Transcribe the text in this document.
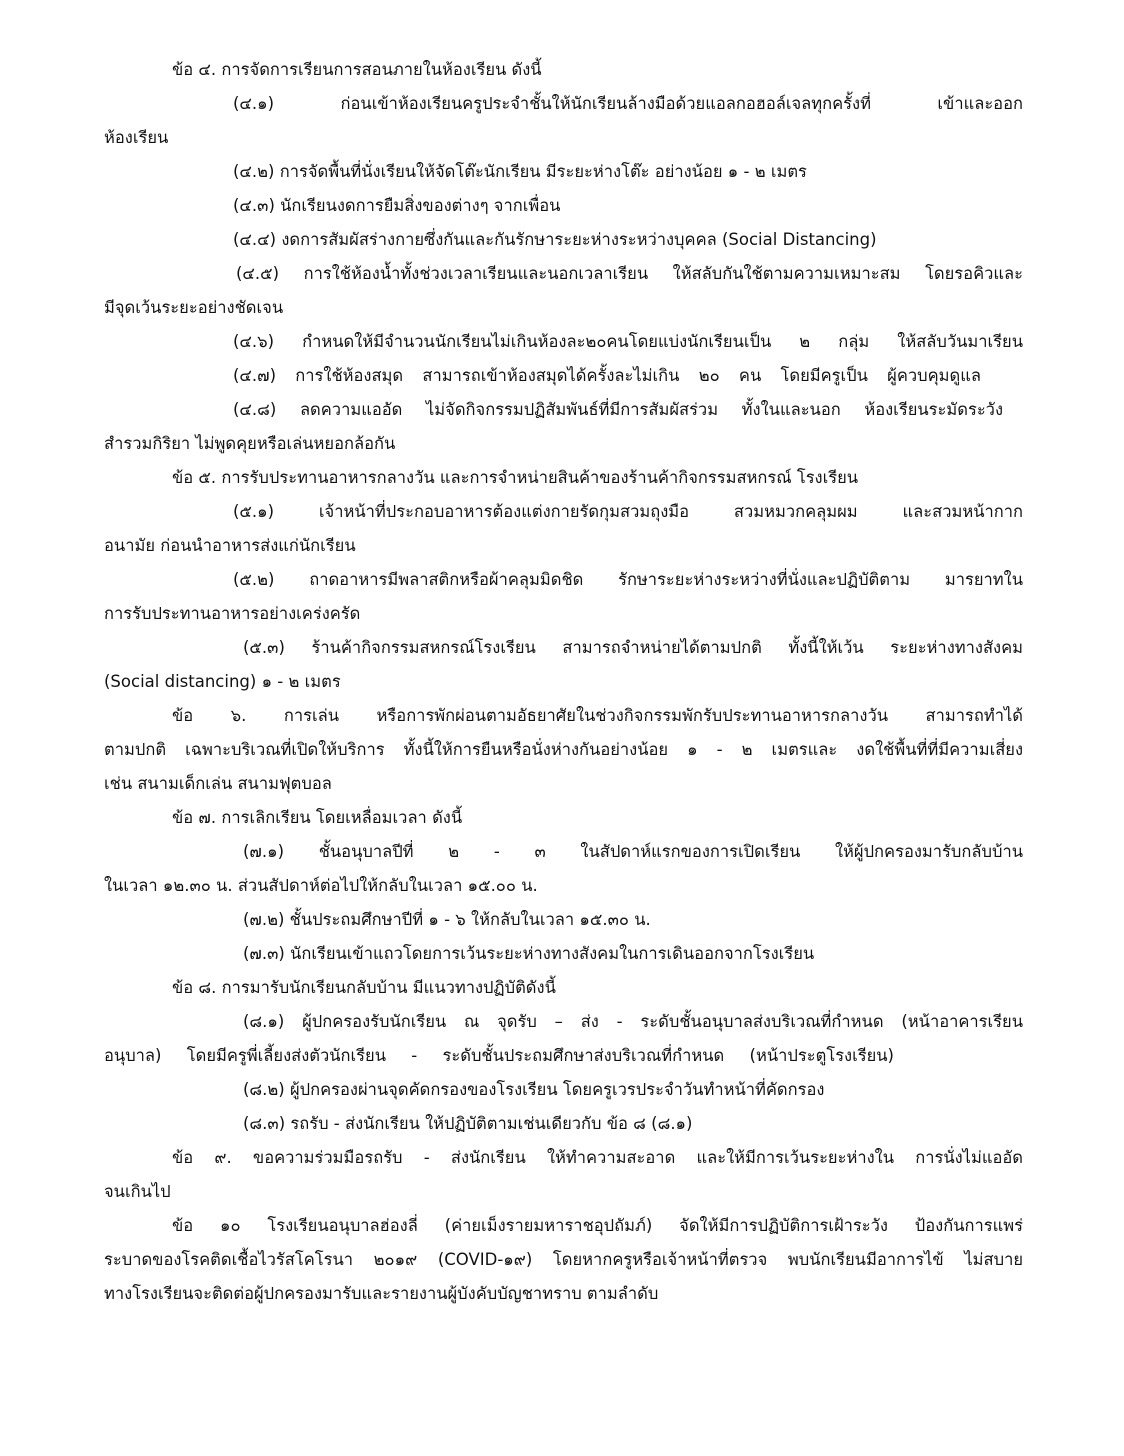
ข้อ ๔. การจัดการเรียนการสอนภายในห้องเรียน ดังนี้

(๔.๑) ก่อนเข้าห้องเรียนครูประจำชั้นให้นักเรียนล้างมือด้วยแอลกอฮอล์เจลทุกครั้งที่ เข้าและออก

ห้องเรียน

(๔.๒) การจัดพื้นที่นั่งเรียนให้จัดโต๊ะนักเรียน มีระยะห่างโต๊ะ อย่างน้อย ๑ - ๒ เมตร

(๔.๓) นักเรียนงดการยืมสิ่งของต่างๆ จากเพื่อน

(๔.๔) งดการสัมผัสร่างกายซึ่งกันและกันรักษาระยะห่างระหว่างบุคคล (Social Distancing)

(๔.๕) การใช้ห้องน้ำทั้งช่วงเวลาเรียนและนอกเวลาเรียน ให้สลับกันใช้ตามความเหมาะสม โดยรอคิวและ

มีจุดเว้นระยะอย่างชัดเจน

(๔.๖) กำหนดให้มีจำนวนนักเรียนไม่เกินห้องละ๒๐คนโดยแบ่งนักเรียนเป็น ๒ กลุ่ม ให้สลับวันมาเรียน

(๔.๗) การใช้ห้องสมุด สามารถเข้าห้องสมุดได้ครั้งละไม่เกิน ๒๐ คน โดยมีครูเป็น ผู้ควบคุมดูแล

(๔.๘) ลดความแออัด ไม่จัดกิจกรรมปฏิสัมพันธ์ที่มีการสัมผัสร่วม ทั้งในและนอก ห้องเรียนระมัดระวัง

สำรวมกิริยา ไม่พูดคุยหรือเล่นหยอกล้อกัน

ข้อ ๕. การรับประทานอาหารกลางวัน และการจำหน่ายสินค้าของร้านค้ากิจกรรมสหกรณ์ โรงเรียน

(๕.๑) เจ้าหน้าที่ประกอบอาหารต้องแต่งกายรัดกุมสวมถุงมือ สวมหมวกคลุมผม และสวมหน้ากาก

อนามัย ก่อนนำอาหารส่งแก่นักเรียน

(๕.๒) ถาดอาหารมีพลาสติกหรือผ้าคลุมมิดชิด รักษาระยะห่างระหว่างที่นั่งและปฏิบัติตาม มารยาทใน

การรับประทานอาหารอย่างเคร่งครัด

(๕.๓) ร้านค้ากิจกรรมสหกรณ์โรงเรียน สามารถจำหน่ายได้ตามปกติ ทั้งนี้ให้เว้น ระยะห่างทางสังคม

(Social distancing) ๑ - ๒ เมตร

ข้อ ๖. การเล่น หรือการพักผ่อนตามอัธยาศัยในช่วงกิจกรรมพักรับประทานอาหารกลางวัน สามารถทำได้

ตามปกติ เฉพาะบริเวณที่เปิดให้บริการ ทั้งนี้ให้การยืนหรือนั่งห่างกันอย่างน้อย ๑ - ๒ เมตรและ งดใช้พื้นที่ที่มีความเสี่ยง

เช่น สนามเด็กเล่น สนามฟุตบอล

ข้อ ๗. การเลิกเรียน โดยเหลื่อมเวลา ดังนี้

(๗.๑) ชั้นอนุบาลปีที่ ๒ - ๓ ในสัปดาห์แรกของการเปิดเรียน ให้ผู้ปกครองมารับกลับบ้าน

ในเวลา ๑๒.๓๐ น. ส่วนสัปดาห์ต่อไปให้กลับในเวลา ๑๕.๐๐ น.

(๗.๒) ชั้นประถมศึกษาปีที่ ๑ - ๖ ให้กลับในเวลา ๑๕.๓๐ น.

(๗.๓) นักเรียนเข้าแถวโดยการเว้นระยะห่างทางสังคมในการเดินออกจากโรงเรียน

ข้อ ๘. การมารับนักเรียนกลับบ้าน มีแนวทางปฏิบัติดังนี้

(๘.๑) ผู้ปกครองรับนักเรียน ณ จุดรับ – ส่ง - ระดับชั้นอนุบาลส่งบริเวณที่กำหนด (หน้าอาคารเรียน

อนุบาล) โดยมีครูพี่เลี้ยงส่งตัวนักเรียน - ระดับชั้นประถมศึกษาส่งบริเวณที่กำหนด (หน้าประตูโรงเรียน)

(๘.๒) ผู้ปกครองผ่านจุดคัดกรองของโรงเรียน โดยครูเวรประจำวันทำหน้าที่คัดกรอง

(๘.๓) รถรับ - ส่งนักเรียน ให้ปฏิบัติตามเช่นเดียวกับ ข้อ ๘ (๘.๑)

ข้อ ๙. ขอความร่วมมือรถรับ - ส่งนักเรียน ให้ทำความสะอาด และให้มีการเว้นระยะห่างใน การนั่งไม่แออัด

จนเกินไป

ข้อ ๑๐ โรงเรียนอนุบาลฮ่องลี่ (ค่ายเม็งรายมหาราชอุปถัมภ์) จัดให้มีการปฏิบัติการเฝ้าระวัง ป้องกันการแพร่

ระบาดของโรคติดเชื้อไวรัสโคโรนา ๒๐๑๙ (COVID-๑๙) โดยหากครูหรือเจ้าหน้าที่ตรวจ พบนักเรียนมีอาการไข้ ไม่สบาย

ทางโรงเรียนจะติดต่อผู้ปกครองมารับและรายงานผู้บังคับบัญชาทราบ ตามลำดับ
